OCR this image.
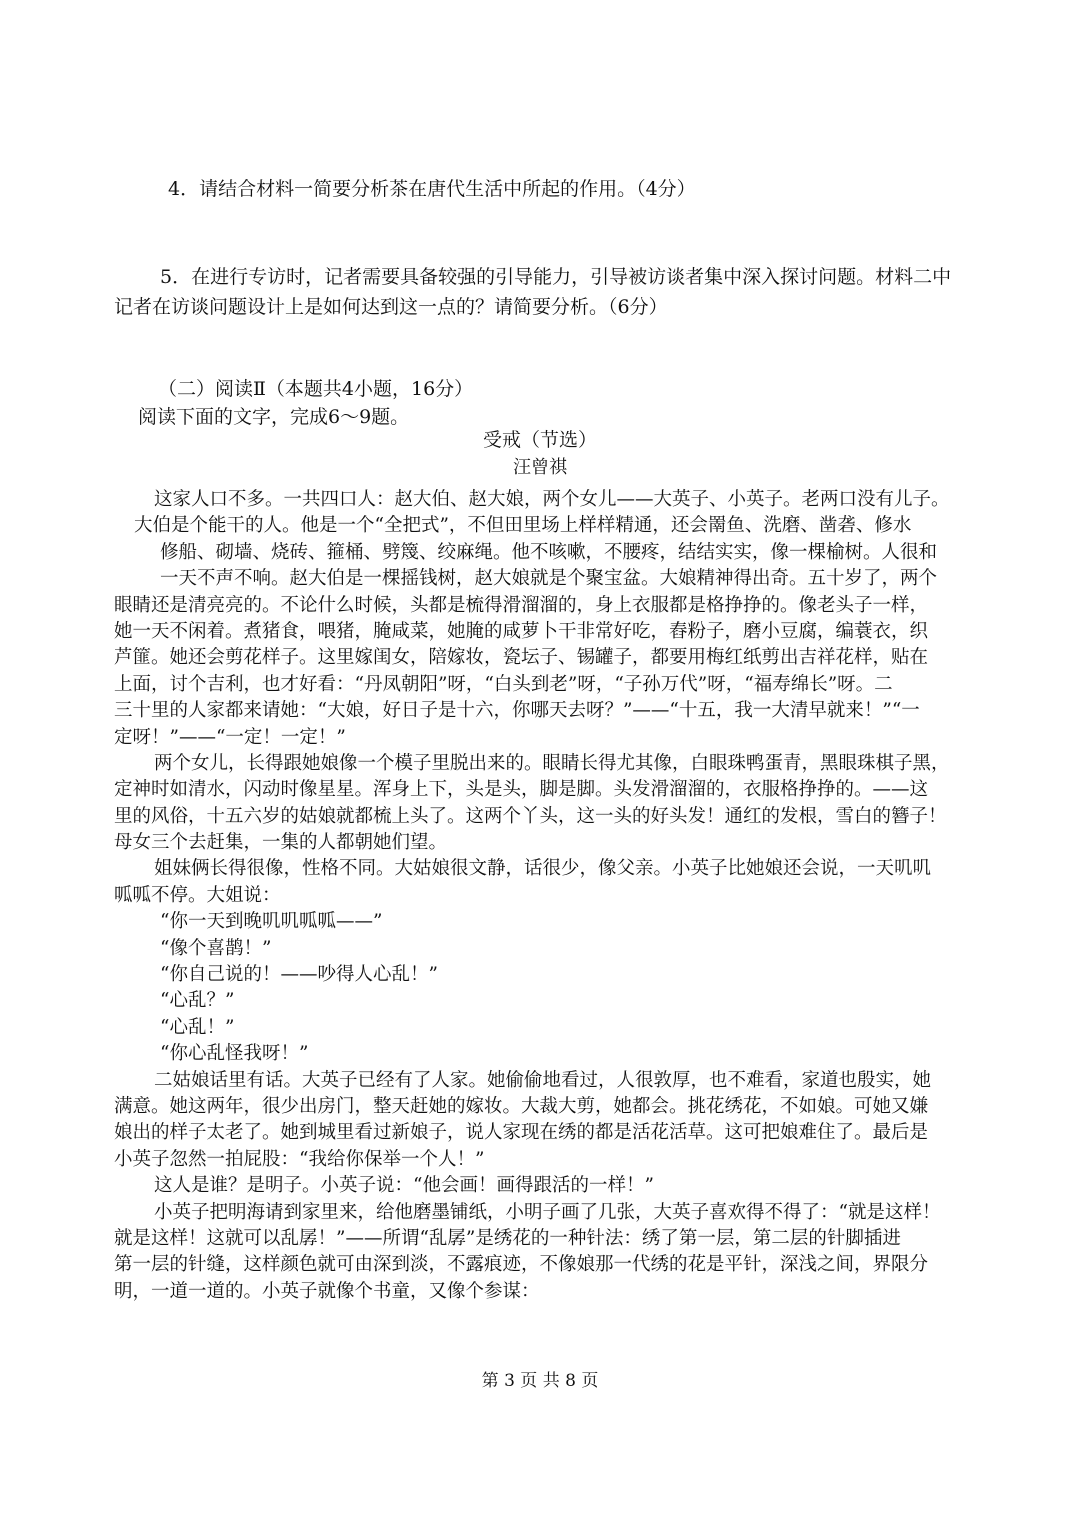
4．请结合材料一简要分析茶在唐代生活中所起的作用。（4分）
5．在进行专访时，记者需要具备较强的引导能力，引导被访谈者集中深入探讨问题。材料二中
记者在访谈问题设计上是如何达到这一点的？请简要分析。（6分）
（二）阅读Ⅱ（本题共4小题，16分）
阅读下面的文字，完成6～9题。
受戒（节选）
汪曾祺
这家人口不多。一共四口人：赵大伯、赵大娘，两个女儿——大英子、小英子。老两口没有儿子。
大伯是个能干的人。他是一个“全把式”，不但田里场上样样精通，还会罱鱼、洗磨、凿砻、修水
修船、砌墙、烧砖、箍桶、劈篾、绞麻绳。他不咳嗽，不腰疼，结结实实，像一棵榆树。人很和
一天不声不响。赵大伯是一棵摇钱树，赵大娘就是个聚宝盆。大娘精神得出奇。五十岁了，两个
眼睛还是清亮亮的。不论什么时候，头都是梳得滑溜溜的，身上衣服都是格挣挣的。像老头子一样，
她一天不闲着。煮猪食，喂猪，腌咸菜，她腌的咸萝卜干非常好吃，舂粉子，磨小豆腐，编蓑衣，织
芦篚。她还会剪花样子。这里嫁闺女，陪嫁妆，瓷坛子、锡罐子，都要用梅红纸剪出吉祥花样，贴在
上面，讨个吉利，也才好看：“丹凤朝阳”呀，“白头到老”呀，“子孙万代”呀，“福寿绵长”呀。二
三十里的人家都来请她：“大娘，好日子是十六，你哪天去呀？”——“十五，我一大清早就来！”“一
定呀！”——“一定！一定！”
两个女儿，长得跟她娘像一个模子里脱出来的。眼睛长得尤其像，白眼珠鸭蛋青，黑眼珠棋子黑，
定神时如清水，闪动时像星星。浑身上下，头是头，脚是脚。头发滑溜溜的，衣服格挣挣的。——这
里的风俗，十五六岁的姑娘就都梳上头了。这两个丫头，这一头的好头发！通红的发根，雪白的簪子！
母女三个去赶集，一集的人都朝她们望。
姐妹俩长得很像，性格不同。大姑娘很文静，话很少，像父亲。小英子比她娘还会说，一天叽叽
呱呱不停。大姐说：
“你一天到晚叽叽呱呱——”
“像个喜鹊！”
“你自己说的！——吵得人心乱！”
“心乱？”
“心乱！”
“你心乱怪我呀！”
二姑娘话里有话。大英子已经有了人家。她偷偷地看过，人很敦厚，也不难看，家道也殷实，她
满意。她这两年，很少出房门，整天赶她的嫁妆。大裁大剪，她都会。挑花绣花，不如娘。可她又嫌
娘出的样子太老了。她到城里看过新娘子，说人家现在绣的都是活花活草。这可把娘难住了。最后是
小英子忽然一拍屁股：“我给你保举一个人！”
这人是谁？是明子。小英子说：“他会画！画得跟活的一样！”
小英子把明海请到家里来，给他磨墨铺纸，小明子画了几张，大英子喜欢得不得了：“就是这样！
就是这样！这就可以乱孱！”——所谓“乱孱”是绣花的一种针法：绣了第一层，第二层的针脚插进
第一层的针缝，这样颜色就可由深到淡，不露痕迹，不像娘那一代绣的花是平针，深浅之间，界限分
明，一道一道的。小英子就像个书童，又像个参谋：
第 3 页 共 8 页
